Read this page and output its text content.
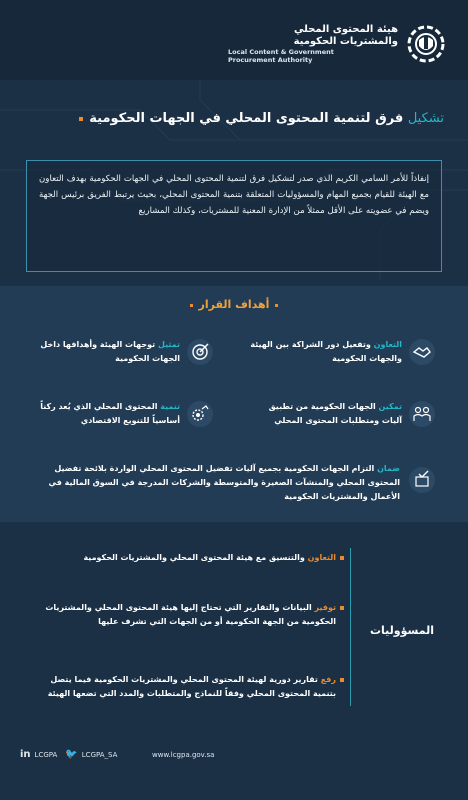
هيئة المحتوى المحلي
والمشتريات الحكومية
Local Content & Government
Procurement Authority
تشكيل فرق لتنمية المحتوى المحلي في الجهات الحكومية
إنفاذاً للأمر السامي الكريم الذي صدر لتشكيل فرق لتنمية المحتوى المحلي في الجهات الحكومية بهدف التعاون مع الهيئة للقيام بجميع المهام والمسؤوليات المتعلقة بتنمية المحتوى المحلي، بحيث يرتبط الفريق برئيس الجهة ويضم في عضويته على الأقل ممثلاً من الإدارة المعنية للمشتريات، وكذلك المشاريع
أهداف القرار
التعاون وتفعيل دور الشراكة بين الهيئة والجهات الحكومية
تمثيل توجهات الهيئة وأهدافها داخل الجهات الحكومية
تمكين الجهات الحكومية من تطبيق آليات ومتطلبات المحتوى المحلي
تنمية المحتوى المحلي الذي يُعد ركناً أساسياً للتنويع الاقتصادي
ضمان التزام الجهات الحكومية بجميع آليات تفضيل المحتوى المحلي الواردة بلائحة تفضيل المحتوى المحلي والمنشآت الصغيرة والمتوسطة والشركات المدرجة في السوق المالية في الأعمال والمشتريات الحكومية
المسؤوليات
التعاون والتنسيق مع هيئة المحتوى المحلي والمشتريات الحكومية
توفير البيانات والتقارير التي تحتاج إليها هيئة المحتوى المحلي والمشتريات الحكومية من الجهة الحكومية أو من الجهات التي تشرف عليها
رفع تقارير دورية لهيئة المحتوى المحلي والمشتريات الحكومية فيما يتصل بتنمية المحتوى المحلي وفقاً للنماذج والمتطلبات والمدد التي تضعها الهيئة
in LCGPA 🐦 LCGPA_SA	www.lcgpa.gov.sa
